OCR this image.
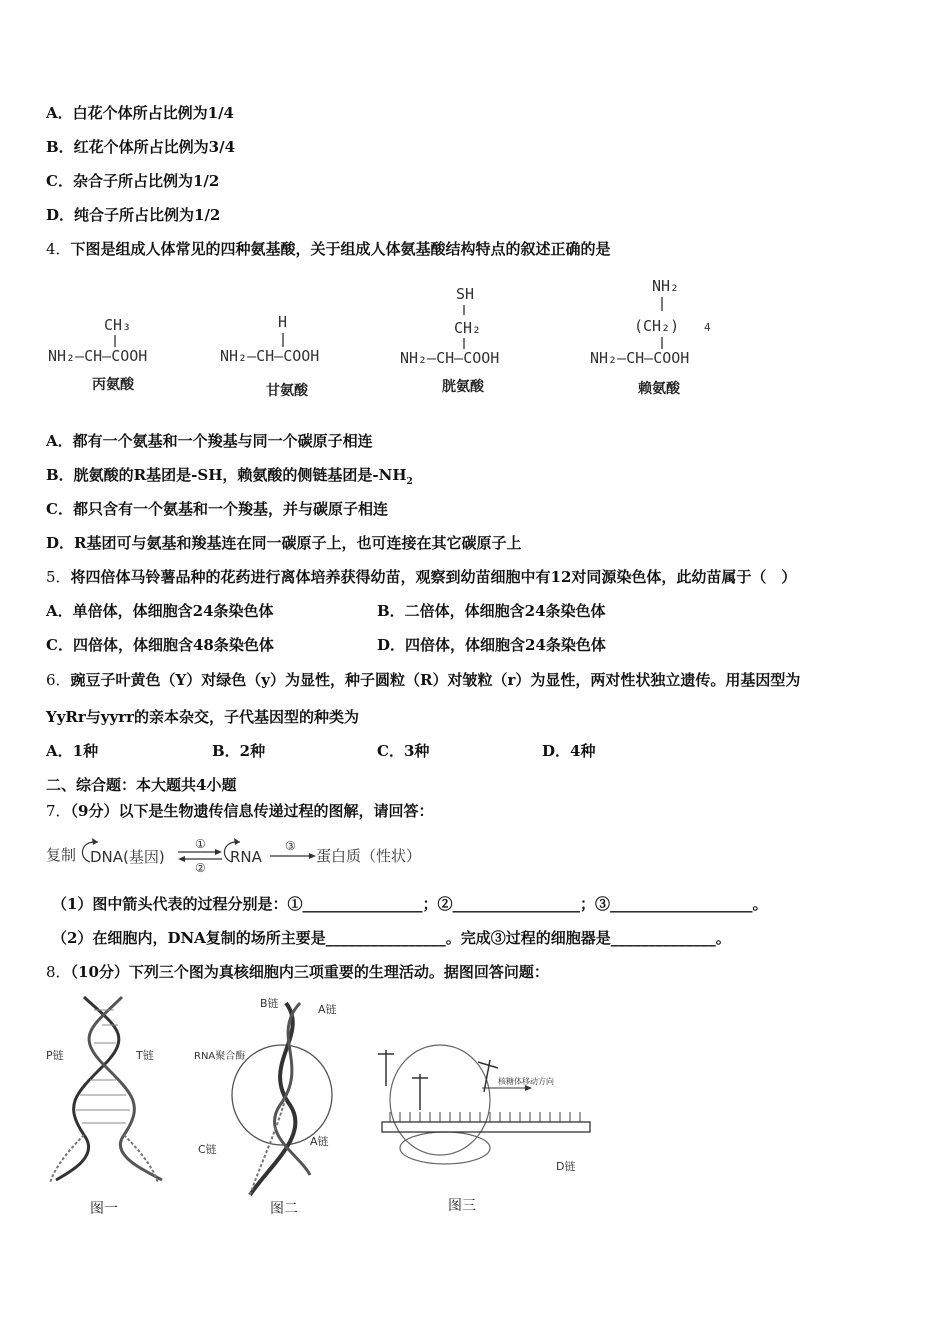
A．白花个体所占比例为1/4
B．红花个体所占比例为3/4
C．杂合子所占比例为1/2
D．纯合子所占比例为1/2
4．下图是组成人体常见的四种氨基酸，关于组成人体氨基酸结构特点的叙述正确的是
CH₃
NH₂—CH—COOH
丙氨酸
H
NH₂—CH—COOH
甘氨酸
SH
CH₂
NH₂—CH—COOH
胱氨酸
NH₂
(CH₂) 4
NH₂—CH—COOH
赖氨酸
A．都有一个氨基和一个羧基与同一个碳原子相连
B．胱氨酸的R基团是-SH，赖氨酸的侧链基团是$-NH_2$
C．都只含有一个氨基和一个羧基，并与碳原子相连
D．R基团可与氨基和羧基连在同一碳原子上，也可连接在其它碳原子上
5．将四倍体马铃薯品种的花药进行离体培养获得幼苗，观察到幼苗细胞中有12对同源染色体，此幼苗属于（　）
A．单倍体，体细胞含24条染色体	B．二倍体，体细胞含24条染色体
C．四倍体，体细胞含48条染色体	D．四倍体，体细胞含24条染色体
6．豌豆子叶黄色（Y）对绿色（y）为显性，种子圆粒（R）对皱粒（r）为显性，两对性状独立遗传。用基因型为
YyRr与yyrr的亲本杂交，子代基因型的种类为
A．1种	B．2种	C．3种	D．4种
二、综合题：本大题共4小题
7．（9分）以下是生物遗传信息传递过程的图解，请回答：
复制 DNA(基因)
①
②
RNA
③
蛋白质（性状）
（1）图中箭头代表的过程分别是：①________________；②_________________；③___________________。
（2）在细胞内，DNA复制的场所主要是________________。完成③过程的细胞器是______________。
8．（10分）下列三个图为真核细胞内三项重要的生理活动。据图回答问题：
P链	T链
图一
B链	A链
RNA聚合酶
C链
A链
图二
核糖体移动方向
D链
图三
